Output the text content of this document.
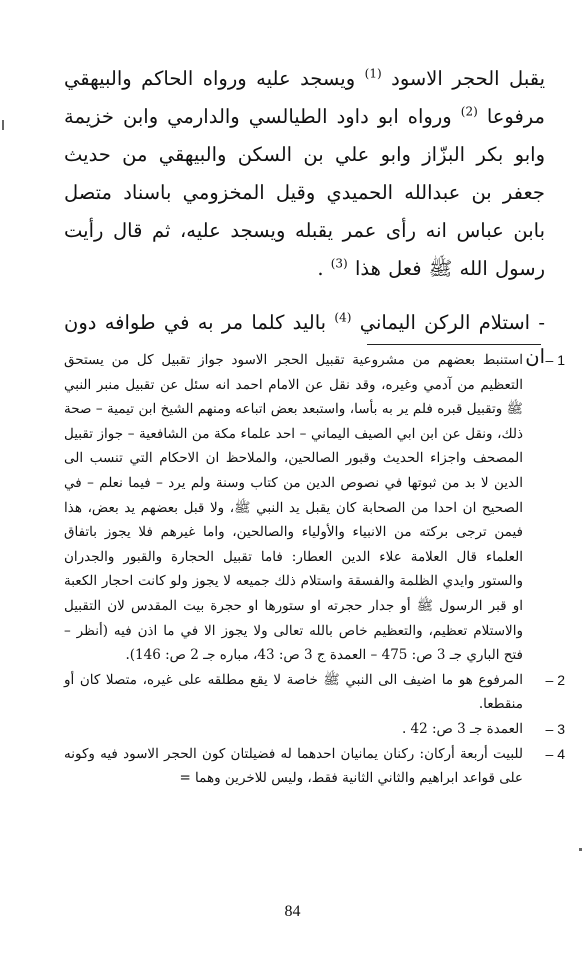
يقبل الحجر الاسود $^{(1)}$ ويسجد عليه ورواه الحاكم والبيهقي مرفوعا $^{(2)}$ ورواه ابو داود الطيالسي والدارمي وابن خزيمة وابو بكر البزّاز وابو علي بن السكن والبيهقي من حديث جعفر بن عبدالله الحميدي وقيل المخزومي باسناد متصل بابن عباس انه رأى عمر يقبله ويسجد عليه، ثم قال رأيت رسول الله ﷺ فعل هذا $^{(3)}$ .

- استلام الركن اليماني $^{(4)}$ باليد كلما مر به في طوافه دون ان 1 –
استنبط بعضهم من مشروعية تقبيل الحجر الاسود جواز تقبيل كل من يستحق التعظيم من آدمي وغيره، وقد نقل عن الامام احمد انه سئل عن تقبيل منبر النبي ﷺ وتقبيل قبره فلم ير به بأسا، واستبعد بعض اتباعه ومنهم الشيخ ابن تيمية – صحة ذلك، ونقل عن ابن ابي الصيف اليماني – احد علماء مكة من الشافعية – جواز تقبيل المصحف واجزاء الحديث وقبور الصالحين، والملاحظ ان الاحكام التي تنسب الى الدين لا بد من ثبوتها في نصوص الدين من كتاب وسنة ولم يرد – فيما نعلم – في الصحيح ان احدا من الصحابة كان يقبل يد النبي ﷺ، ولا قبل بعضهم يد بعض، هذا فيمن ترجى بركته من الانبياء والأولياء والصالحين، واما غيرهم فلا يجوز باتفاق العلماء قال العلامة علاء الدين العطار: فاما تقبيل الحجارة والقبور والجدران والستور وايدي الظلمة والفسقة واستلام ذلك جميعه لا يجوز ولو كانت احجار الكعبة او قبر الرسول ﷺ أو جدار حجرته او ستورها او حجرة بيت المقدس لان التقبيل والاستلام تعظيم، والتعظيم خاص بالله تعالى ولا يجوز الا في ما اذن فيه (أنظر – فتح الباري جـ 3 ص: 475 – العمدة ج 3 ص: 43، مباره جـ 2 ص: 146).

2 –
المرفوع هو ما اضيف الى النبي ﷺ خاصة لا يقع مطلقه على غيره، متصلا كان أو منقطعا.

3 –
العمدة جـ 3 ص: 42 .

4 –
للبيت أربعة أركان: ركنان يمانيان احدهما له فضيلتان كون الحجر الاسود فيه وكونه على قواعد ابراهيم والثاني الثانية فقط، وليس للاخرين وهما =

84
